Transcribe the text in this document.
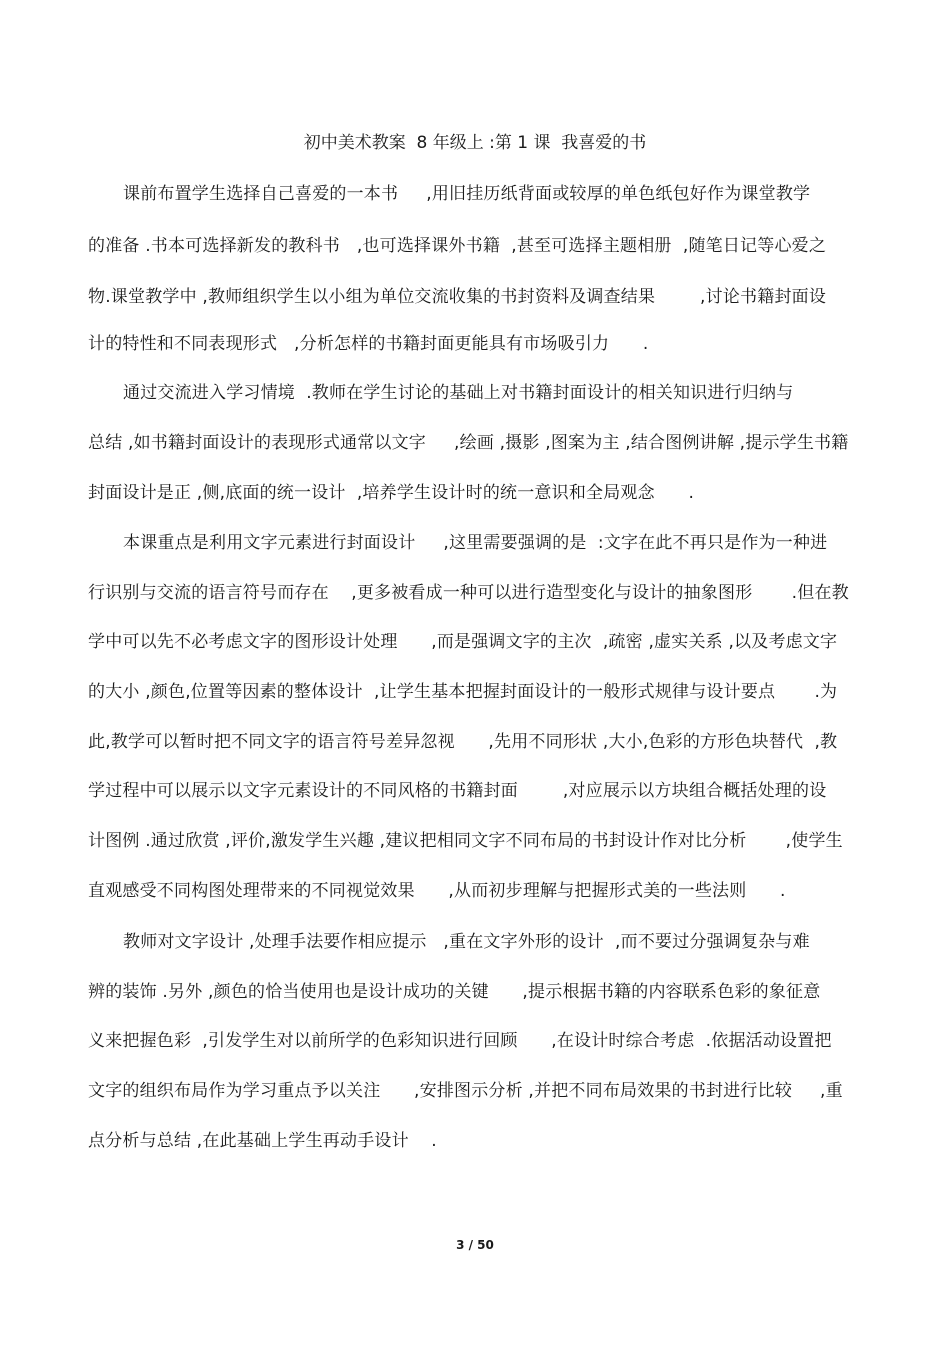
初中美术教案  8 年级上 :第 1 课  我喜爱的书
课前布置学生选择自己喜爱的一本书     ,用旧挂历纸背面或较厚的单色纸包好作为课堂教学
的准备 .书本可选择新发的教科书   ,也可选择课外书籍  ,甚至可选择主题相册  ,随笔日记等心爱之
物.课堂教学中 ,教师组织学生以小组为单位交流收集的书封资料及调查结果        ,讨论书籍封面设
计的特性和不同表现形式   ,分析怎样的书籍封面更能具有市场吸引力      .
通过交流进入学习情境  .教师在学生讨论的基础上对书籍封面设计的相关知识进行归纳与
总结 ,如书籍封面设计的表现形式通常以文字     ,绘画 ,摄影 ,图案为主 ,结合图例讲解 ,提示学生书籍
封面设计是正 ,侧,底面的统一设计  ,培养学生设计时的统一意识和全局观念      .
本课重点是利用文字元素进行封面设计     ,这里需要强调的是  :文字在此不再只是作为一种进
行识别与交流的语言符号而存在    ,更多被看成一种可以进行造型变化与设计的抽象图形       .但在教
学中可以先不必考虑文字的图形设计处理      ,而是强调文字的主次  ,疏密 ,虚实关系 ,以及考虑文字
的大小 ,颜色,位置等因素的整体设计  ,让学生基本把握封面设计的一般形式规律与设计要点       .为
此,教学可以暂时把不同文字的语言符号差异忽视      ,先用不同形状 ,大小,色彩的方形色块替代  ,教
学过程中可以展示以文字元素设计的不同风格的书籍封面        ,对应展示以方块组合概括处理的设
计图例 .通过欣赏 ,评价,激发学生兴趣 ,建议把相同文字不同布局的书封设计作对比分析       ,使学生
直观感受不同构图处理带来的不同视觉效果      ,从而初步理解与把握形式美的一些法则      .
教师对文字设计 ,处理手法要作相应提示   ,重在文字外形的设计  ,而不要过分强调复杂与难
辨的装饰 .另外 ,颜色的恰当使用也是设计成功的关键      ,提示根据书籍的内容联系色彩的象征意
义来把握色彩  ,引发学生对以前所学的色彩知识进行回顾      ,在设计时综合考虑  .依据活动设置把
文字的组织布局作为学习重点予以关注      ,安排图示分析 ,并把不同布局效果的书封进行比较     ,重
点分析与总结 ,在此基础上学生再动手设计    .
3 / 50
